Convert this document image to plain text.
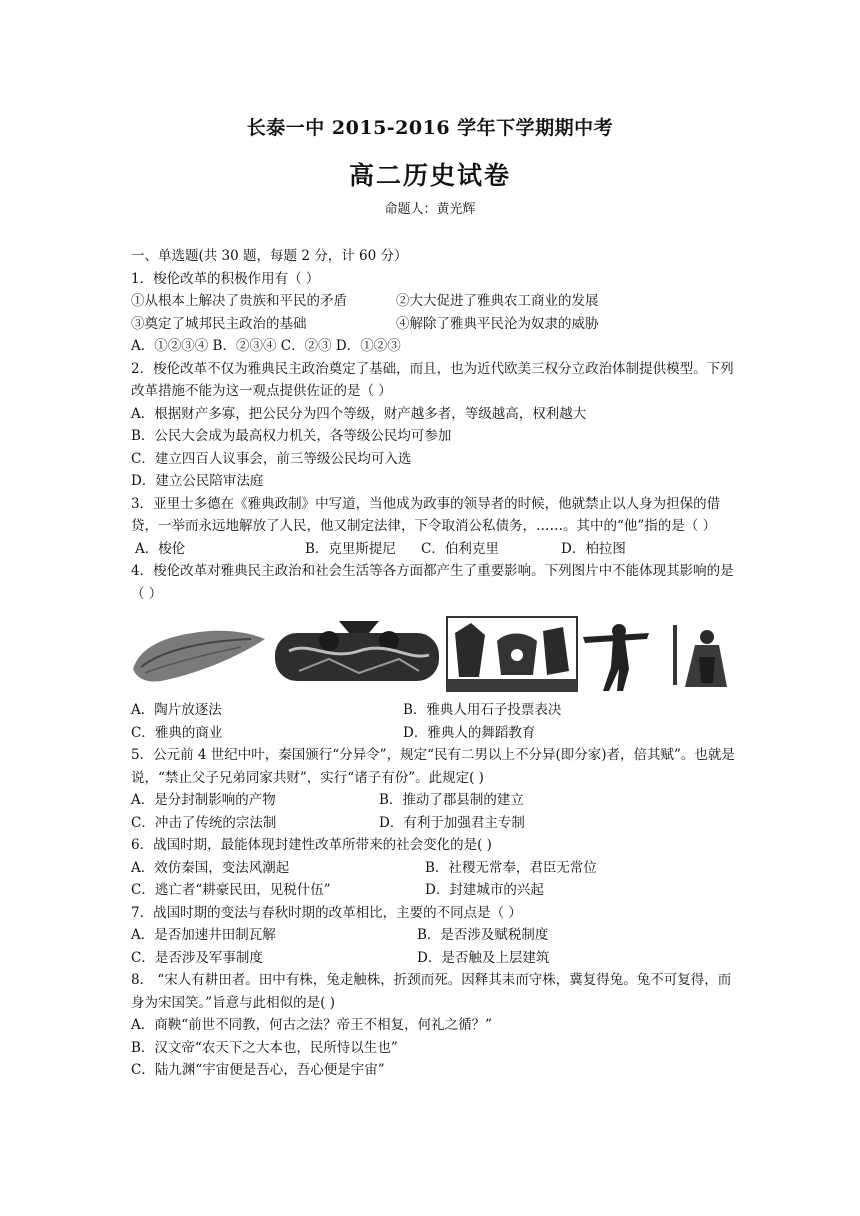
长泰一中 2015-2016 学年下学期期中考
高二历史试卷
命题人：黄光辉
一、单选题(共 30 题，每题 2 分，计 60 分）
1．梭伦改革的积极作用有（ ）
①从根本上解决了贵族和平民的矛盾	②大大促进了雅典农工商业的发展
③奠定了城邦民主政治的基础	④解除了雅典平民沦为奴隶的威胁
A．①②③④ B．②③④ C．②③ D．①②③
2．梭伦改革不仅为雅典民主政治奠定了基础，而且，也为近代欧美三权分立政治体制提供模型。下列改革措施不能为这一观点提供佐证的是（ ）
A．根据财产多寡，把公民分为四个等级，财产越多者，等级越高，权利越大
B．公民大会成为最高权力机关，各等级公民均可参加
C．建立四百人议事会，前三等级公民均可入选
D．建立公民陪审法庭
3．亚里士多德在《雅典政制》中写道，当他成为政事的领导者的时候，他就禁止以人身为担保的借贷，一举而永远地解放了人民，他又制定法律，下令取消公私债务，……。其中的“他”指的是（ ）
A．梭伦	B．克里斯提尼	C．伯利克里	D．柏拉图
4．梭伦改革对雅典民主政治和社会生活等各方面都产生了重要影响。下列图片中不能体现其影响的是（ ）
A．陶片放逐法	B．雅典人用石子投票表决
C．雅典的商业	D．雅典人的舞蹈教育
5．公元前 4 世纪中叶，秦国颁行“分异令”，规定“民有二男以上不分异(即分家)者，倍其赋”。也就是说，“禁止父子兄弟同家共财”，实行“诸子有份”。此规定( )
A．是分封制影响的产物	B．推动了郡县制的建立
C．冲击了传统的宗法制	D．有利于加强君主专制
6．战国时期，最能体现封建性改革所带来的社会变化的是( )
A．效仿秦国，变法风潮起	B．社稷无常奉，君臣无常位
C．逃亡者“耕豪民田，见税什伍”	D．封建城市的兴起
7．战国时期的变法与春秋时期的改革相比，主要的不同点是（ ）
A．是否加速井田制瓦解	B．是否涉及赋税制度
C．是否涉及军事制度	D．是否触及上层建筑
8． “宋人有耕田者。田中有株，兔走触株，折颈而死。因释其耒而守株，冀复得兔。兔不可复得，而身为宋国笑。”旨意与此相似的是( )
A．商鞅“前世不同教，何古之法？帝王不相复，何礼之循？”
B．汉文帝“农天下之大本也，民所恃以生也”
C．陆九渊“宇宙便是吾心，吾心便是宇宙”
